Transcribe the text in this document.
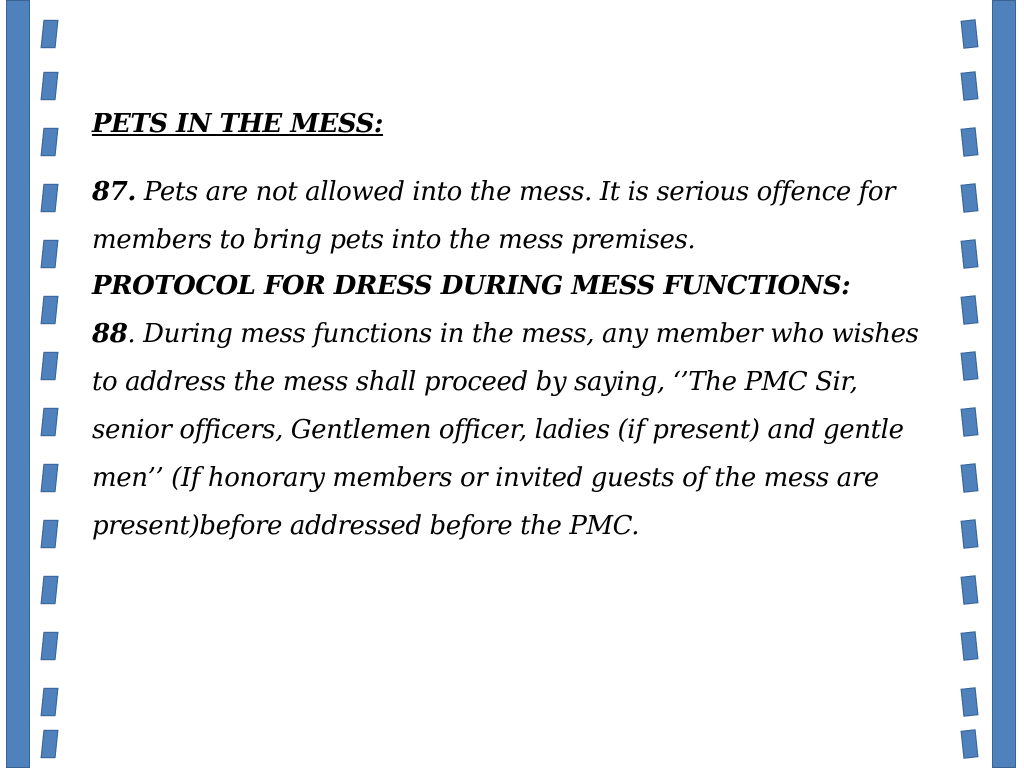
PETS IN THE MESS:

87. Pets are not allowed into the mess. It is serious offence for members to bring pets into the mess premises.

PROTOCOL FOR DRESS DURING MESS FUNCTIONS:

88. During mess functions in the mess, any member who wishes to address the mess shall proceed by saying, ‘’The PMC Sir, senior officers, Gentlemen officer, ladies (if present) and gentle men’’ (If honorary members or invited guests of the mess are present)before addressed before the PMC.
